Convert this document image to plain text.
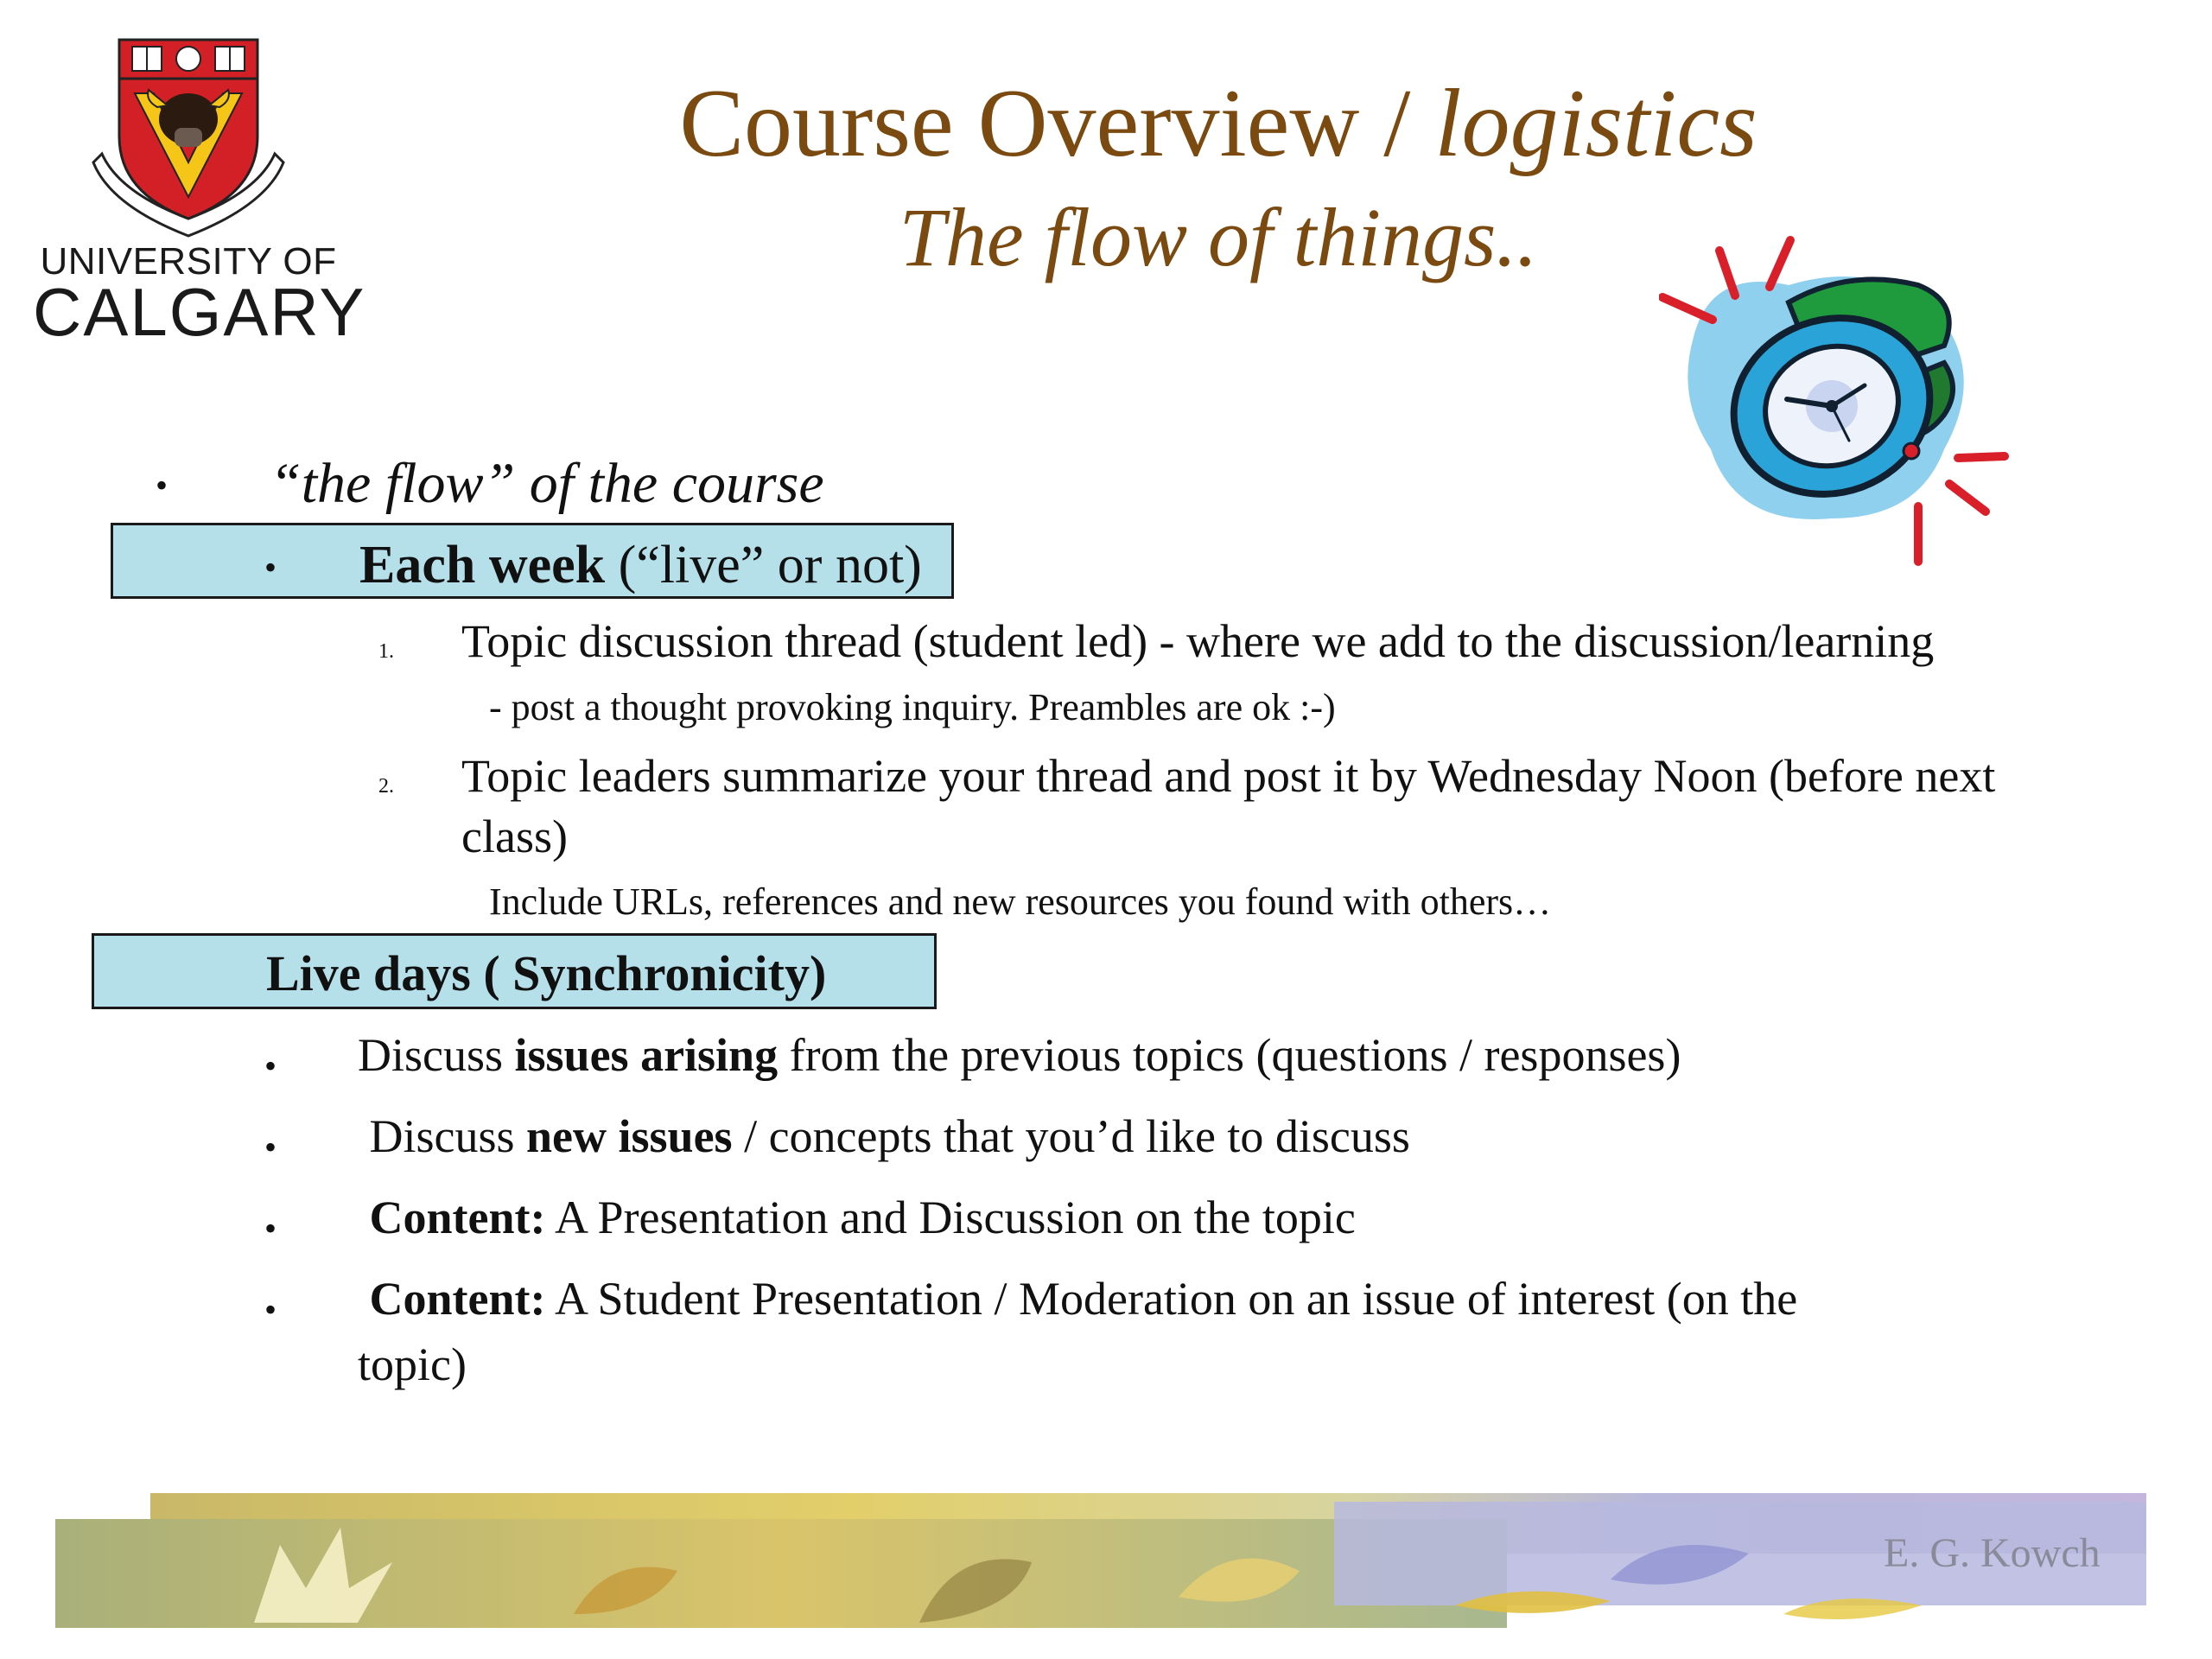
UNIVERSITY OF
CALGARY
Course Overview / logistics
The flow of things..
• “the flow” of the course
• Each week (“live” or not)
1. Topic discussion thread (student led) - where we add to the discussion/learning
- post a thought provoking inquiry. Preambles are ok :-)
2. Topic leaders summarize your thread and post it by Wednesday Noon (before next
class)
Include URLs, references and new resources you found with others…
Live days ( Synchronicity)
• Discuss issues arising from the previous topics (questions / responses)
• Discuss new issues / concepts that you’d like to discuss
• Content: A Presentation and Discussion on the topic
• Content: A Student Presentation / Moderation on an issue of interest (on the
topic)
E. G. Kowch
